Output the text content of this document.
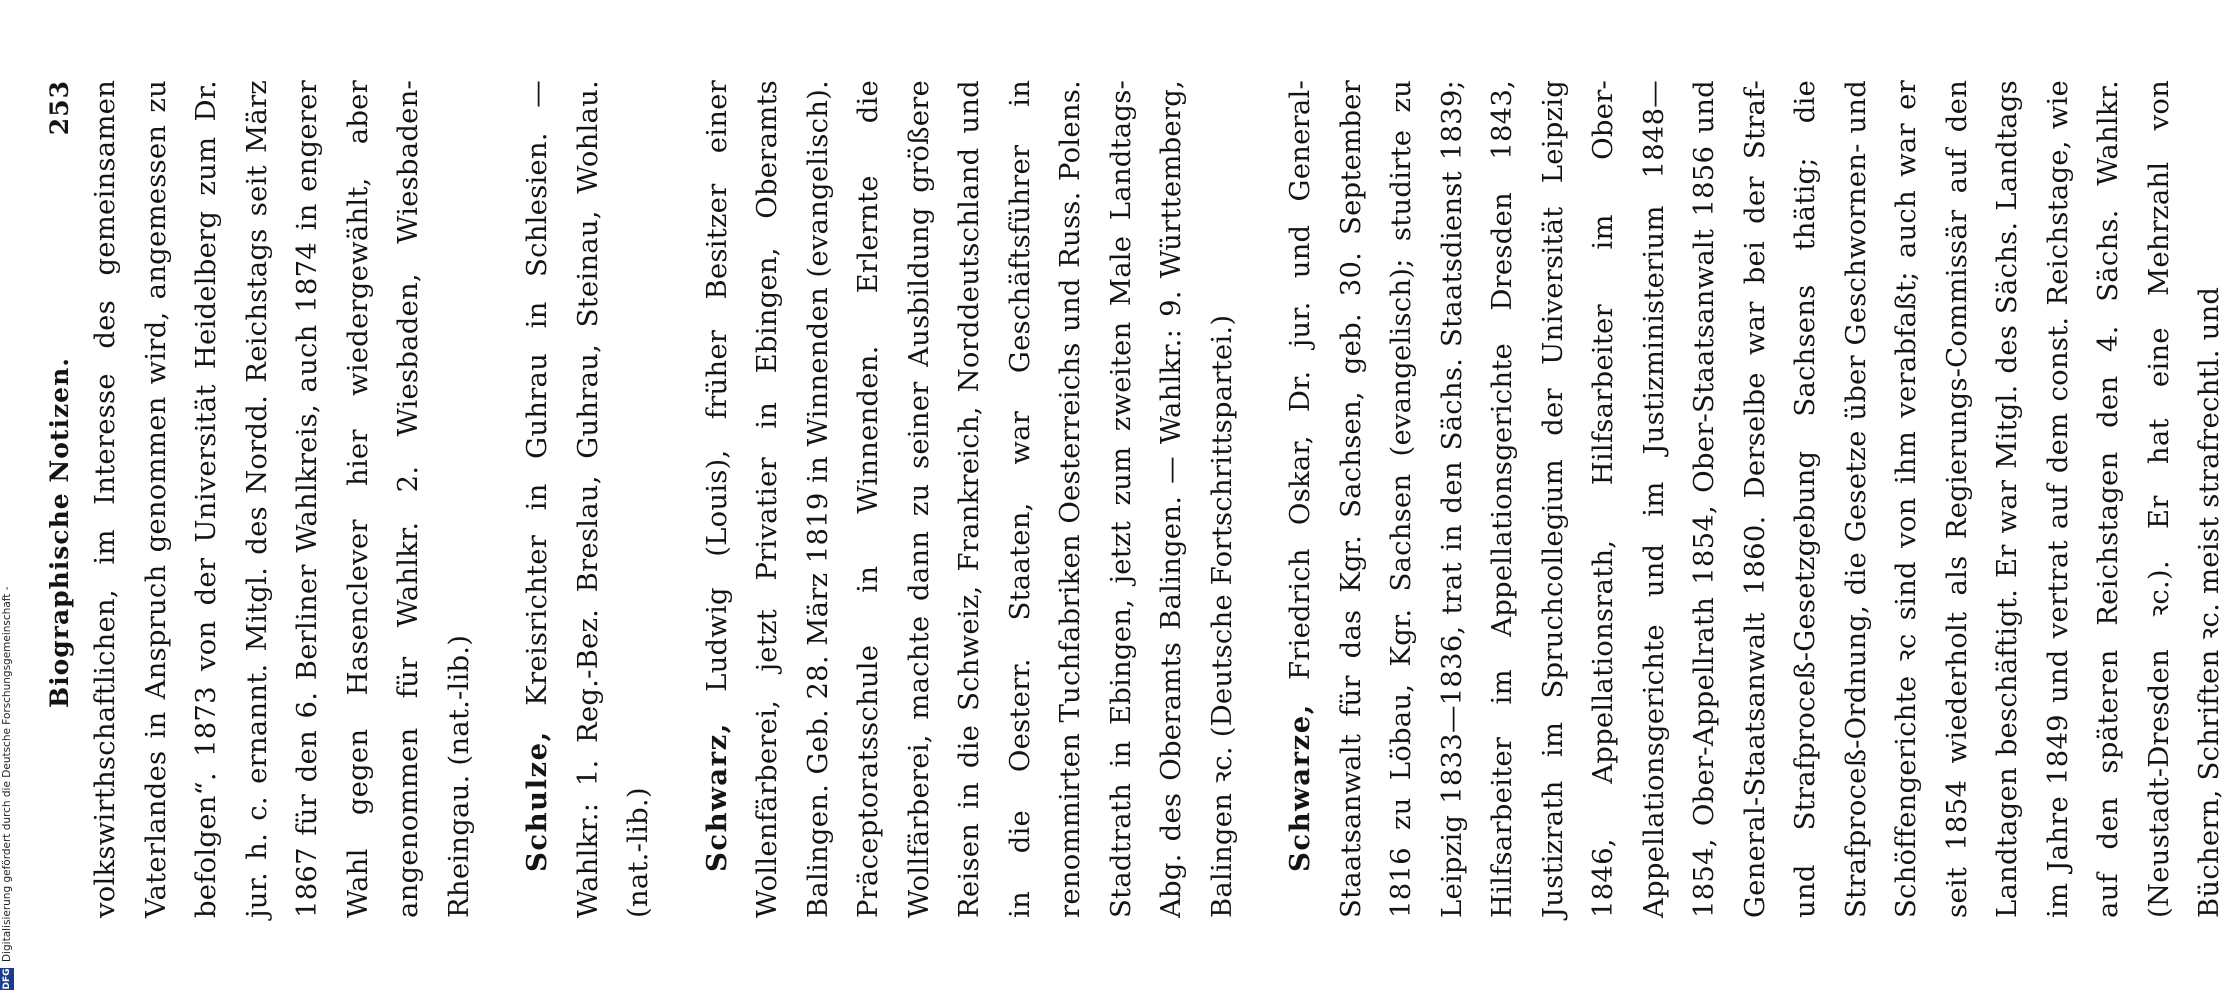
Biographische Notizen.
253 volkswirthschaftlichen, im Interesse des gemeinsamen Vaterlandes in Anspruch genommen wird, angemessen zu befolgen“. 1873 von der Universität Heidelberg zum Dr. jur. h. c. ernannt. Mitgl. des Nordd. Reichstags seit März 1867 für den 6. Berliner Wahlkreis, auch 1874 in engerer Wahl gegen Hasenclever hier wiedergewählt, aber angenommen für Wahlkr. 2. Wiesbaden, Wiesbaden-Rheingau. (nat.-lib.)	Schulze, Kreisrichter in Guhrau in Schlesien. — Wahlkr.: 1. Reg.-Bez. Breslau, Guhrau, Steinau, Wohlau. (nat.-lib.)	Schwarz, Ludwig (Louis), früher Besitzer einer Wollenfärberei, jetzt Privatier in Ebingen, Oberamts Balingen. Geb. 28. März 1819 in Winnenden (evangelisch). Präceptoratsschule in Winnenden. Erlernte die Wollfärberei, machte dann zu seiner Ausbildung größere Reisen in die Schweiz, Frankreich, Norddeutschland und in die Oesterr. Staaten, war Geschäftsführer in renommirten Tuchfabriken Oesterreichs und Russ. Polens. Stadtrath in Ebingen, jetzt zum zweiten Male Landtags-Abg. des Oberamts Balingen. — Wahlkr.: 9. Württemberg, Balingen ꝛc. (Deutsche Fortschrittspartei.)	Schwarze, Friedrich Oskar, Dr. jur. und General-Staatsanwalt für das Kgr. Sachsen, geb. 30. September 1816 zu Löbau, Kgr. Sachsen (evangelisch); studirte zu Leipzig 1833—1836, trat in den Sächs. Staatsdienst 1839; Hilfsarbeiter im Appellationsgerichte Dresden 1843, Justizrath im Spruchcollegium der Universität Leipzig 1846, Appellationsrath, Hilfsarbeiter im Ober-Appellationsgerichte und im Justizministerium 1848—1854, Ober-Appellrath 1854, Ober-Staatsanwalt 1856 und General-Staatsanwalt 1860. Derselbe war bei der Straf- und Strafproceß-Gesetzgebung Sachsens thätig; die Strafproceß-Ordnung, die Gesetze über Geschwornen- und Schöffengerichte ꝛc sind von ihm verabfaßt; auch war er seit 1854 wiederholt als Regierungs-Commissär auf den Landtagen beschäftigt. Er war Mitgl. des Sächs. Landtags im Jahre 1849 und vertrat auf dem const. Reichstage, wie auf den späteren Reichstagen den 4. Sächs. Wahlkr. (Neustadt-Dresden ꝛc.). Er hat eine Mehrzahl von Büchern, Schriften ꝛc. meist strafrechtl. und

DFG
Digitalisierung gefördert durch die Deutsche Forschungsgemeinschaft -
